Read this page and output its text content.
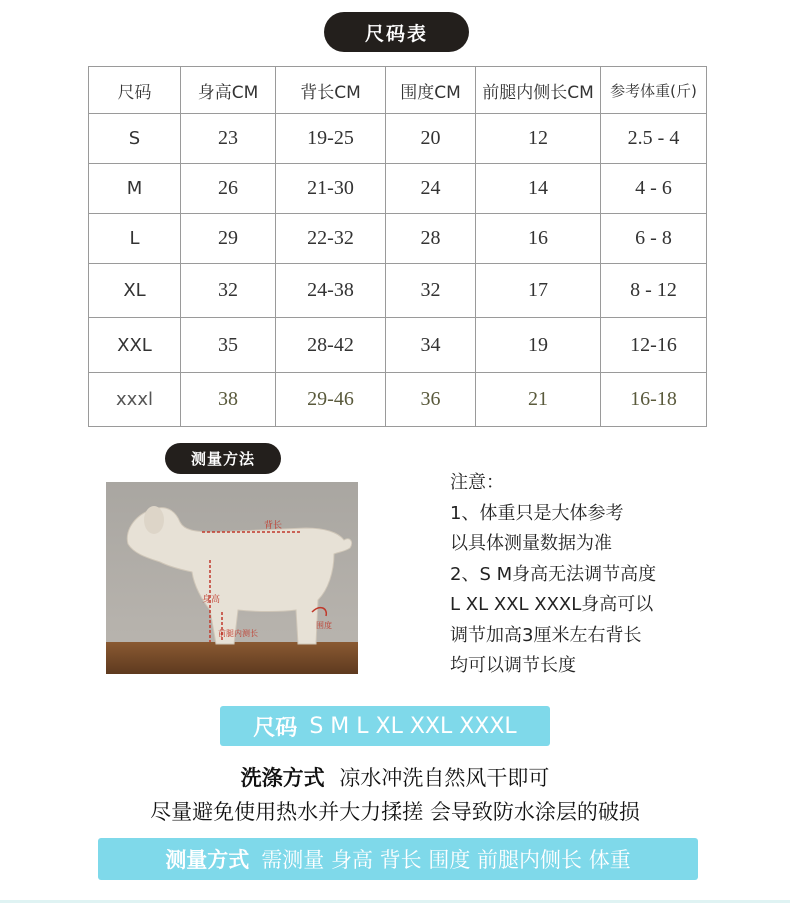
尺码表
尺码	身高CM	背长CM	围度CM	前腿内侧长CM	参考体重(斤)
S	23	19-25	20	12	2.5 - 4
M	26	21-30	24	14	4 - 6
L	29	22-32	28	16	6 - 8
XL	32	24-38	32	17	8 - 12
XXL	35	28-42	34	19	12-16
xxxl	38	29-46	36	21	16-18
测量方法
背长
身高
前腿内测长
围度
注意：
1、体重只是大体参考
以具体测量数据为准
2、S M身高无法调节高度
L XL XXL XXXL身高可以
调节加高3厘米左右背长
均可以调节长度
尺码 S M L XL XXL XXXL
洗涤方式 凉水冲洗自然风干即可
尽量避免使用热水并大力揉搓 会导致防水涂层的破损
测量方式 需测量 身高 背长 围度 前腿内侧长 体重
